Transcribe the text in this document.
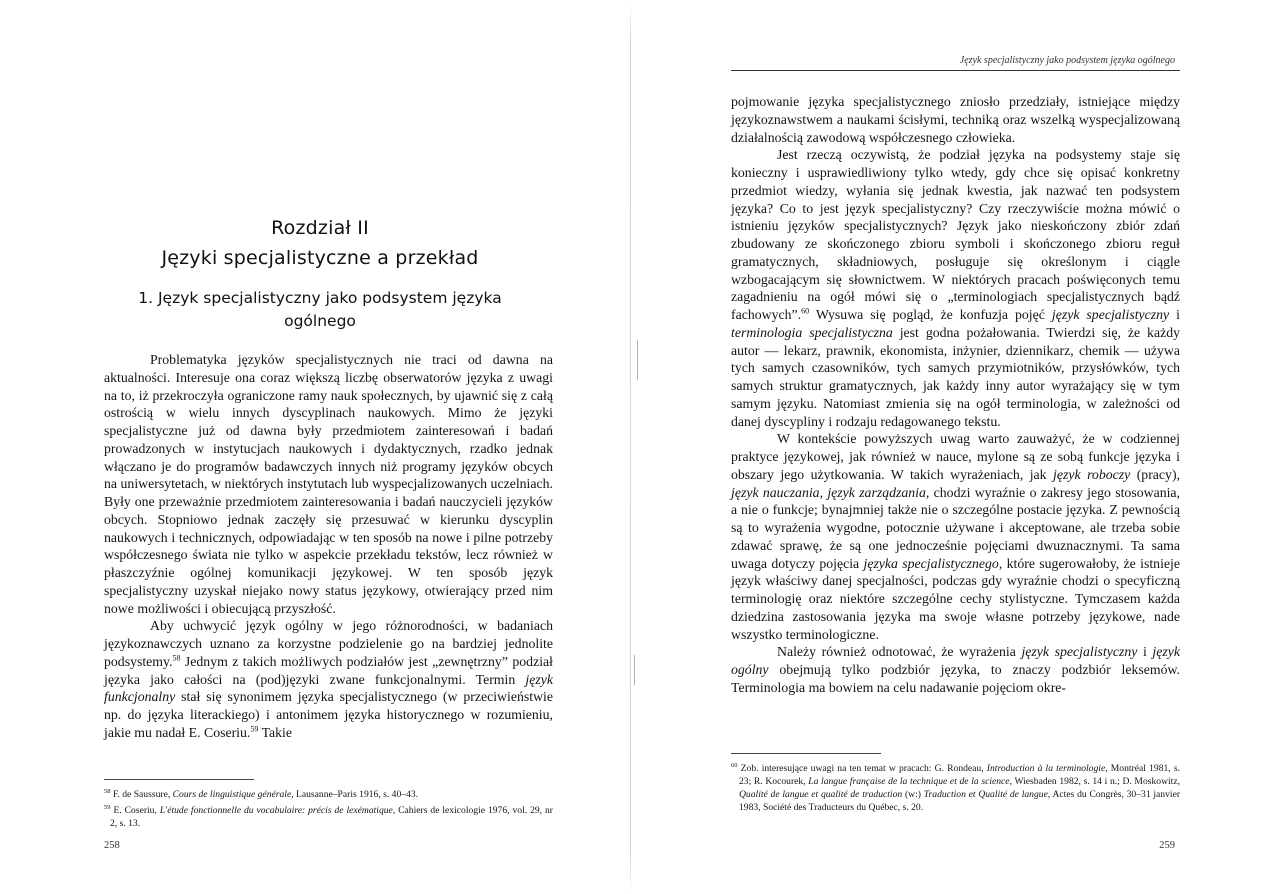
Rozdział II
Języki specjalistyczne a przekład
1. Język specjalistyczny jako podsystem języka ogólnego

Problematyka języków specjalistycznych nie traci od dawna na aktualności. Interesuje ona coraz większą liczbę obserwatorów języka z uwagi na to, iż przekroczyła ograniczone ramy nauk społecznych, by ujawnić się z całą ostrością w wielu innych dyscyplinach naukowych. Mimo że języki specjalistyczne już od dawna były przedmiotem zainteresowań i badań prowadzonych w instytucjach naukowych i dydaktycznych, rzadko jednak włączano je do programów badawczych innych niż programy języków obcych na uniwersytetach, w niektórych instytutach lub wyspecjalizowanych uczelniach. Były one przeważnie przedmiotem zainteresowania i badań nauczycieli języków obcych. Stopniowo jednak zaczęły się przesuwać w kierunku dyscyplin naukowych i technicznych, odpowiadając w ten sposób na nowe i pilne potrzeby współczesnego świata nie tylko w aspekcie przekładu tekstów, lecz również w płaszczyźnie ogólnej komunikacji językowej. W ten sposób język specjalistyczny uzyskał niejako nowy status językowy, otwierający przed nim nowe możliwości i obiecującą przyszłość.

Aby uchwycić język ogólny w jego różnorodności, w badaniach językoznawczych uznano za korzystne podzielenie go na bardziej jednolite podsystemy.$^{58}$ Jednym z takich możliwych podziałów jest „zewnętrzny” podział języka jako całości na (pod)języki zwane funkcjonalnymi. Termin język funkcjonalny stał się synonimem języka specjalistycznego (w przeciwieństwie np. do języka literackiego) i antonimem języka historycznego w rozumieniu, jakie mu nadał E. Coseriu.$^{59}$ Takie

$^{58}$ F. de Saussure, Cours de linguistique générale, Lausanne–Paris 1916, s. 40–43.

$^{59}$ E. Coseriu, L'étude fonctionnelle du vocabulaire: précis de lexématique, Cahiers de lexicologie 1976, vol. 29, nr 2, s. 13.

258
Język specjalistyczny jako podsystem języka ogólnego

pojmowanie języka specjalistycznego zniosło przedziały, istniejące między językoznawstwem a naukami ścisłymi, techniką oraz wszelką wyspecjalizowaną działalnością zawodową współczesnego człowieka.

Jest rzeczą oczywistą, że podział języka na podsystemy staje się konieczny i usprawiedliwiony tylko wtedy, gdy chce się opisać konkretny przedmiot wiedzy, wyłania się jednak kwestia, jak nazwać ten podsystem języka? Co to jest język specjalistyczny? Czy rzeczywiście można mówić o istnieniu języków specjalistycznych? Język jako nieskończony zbiór zdań zbudowany ze skończonego zbioru symboli i skończonego zbioru reguł gramatycznych, składniowych, posługuje się określonym i ciągle wzbogacającym się słownictwem. W niektórych pracach poświęconych temu zagadnieniu na ogół mówi się o „terminologiach specjalistycznych bądź fachowych”.$^{60}$ Wysuwa się pogląd, że konfuzja pojęć język specjalistyczny i terminologia specjalistyczna jest godna pożałowania. Twierdzi się, że każdy autor — lekarz, prawnik, ekonomista, inżynier, dziennikarz, chemik — używa tych samych czasowników, tych samych przymiotników, przysłówków, tych samych struktur gramatycznych, jak każdy inny autor wyrażający się w tym samym języku. Natomiast zmienia się na ogół terminologia, w zależności od danej dyscypliny i rodzaju redagowanego tekstu.

W kontekście powyższych uwag warto zauważyć, że w codziennej praktyce językowej, jak również w nauce, mylone są ze sobą funkcje języka i obszary jego użytkowania. W takich wyrażeniach, jak język roboczy (pracy), język nauczania, język zarządzania, chodzi wyraźnie o zakresy jego stosowania, a nie o funkcje; bynajmniej także nie o szczególne postacie języka. Z pewnością są to wyrażenia wygodne, potocznie używane i akceptowane, ale trzeba sobie zdawać sprawę, że są one jednocześnie pojęciami dwuznacznymi. Ta sama uwaga dotyczy pojęcia języka specjalistycznego, które sugerowałoby, że istnieje język właściwy danej specjalności, podczas gdy wyraźnie chodzi o specyficzną terminologię oraz niektóre szczególne cechy stylistyczne. Tymczasem każda dziedzina zastosowania języka ma swoje własne potrzeby językowe, nade wszystko terminologiczne.

Należy również odnotować, że wyrażenia język specjalistyczny i język ogólny obejmują tylko podzbiór języka, to znaczy podzbiór leksemów. Terminologia ma bowiem na celu nadawanie pojęciom okre-

$^{60}$ Zob. interesujące uwagi na ten temat w pracach: G. Rondeau, Introduction à la terminologie, Montréal 1981, s. 23; R. Kocourek, La langue française de la technique et de la science, Wiesbaden 1982, s. 14 i n.; D. Moskowitz, Qualité de langue et qualité de traduction (w:) Traduction et Qualité de langue, Actes du Congrès, 30–31 janvier 1983, Société des Traducteurs du Québec, s. 20.

259
